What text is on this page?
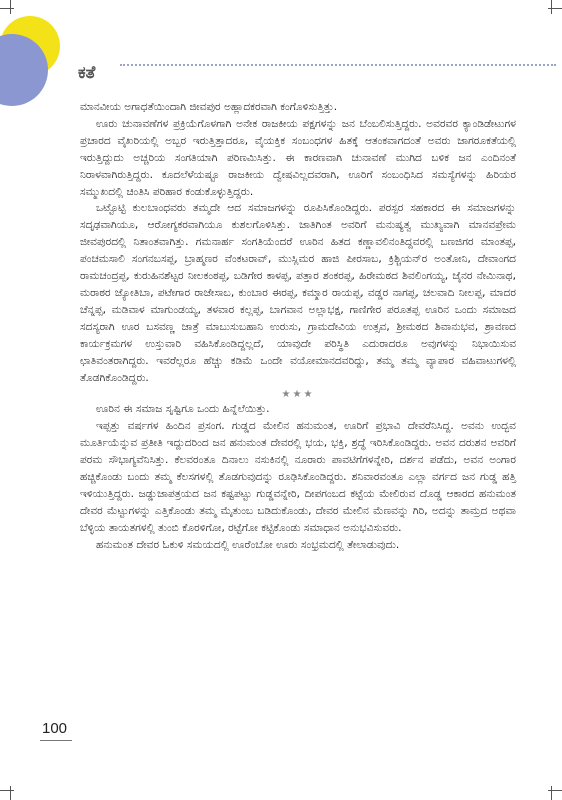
ಕತೆ

ಮಾನವೀಯ ಅಗಾಧತೆಯಿಂದಾಗಿ ಜೀವಪುರ ಅಹ್ಲಾದಕರವಾಗಿ ಕಂಗೊಳಿಸುತ್ತಿತ್ತು.

ಊರು ಚುನಾವಣೆಗಳ ಪ್ರಕ್ರಿಯೆಗೊಳಗಾಗಿ ಅನೇಕ ರಾಜಕೀಯ ಪಕ್ಷಗಳನ್ನು ಜನ ಬೆಂಬಲಿಸುತ್ತಿದ್ದರು. ಅವರವರ ಕ್ಯಾಂಡಿಡೇಟುಗಳ ಪ್ರಚಾರದ ವೈಖರಿಯಲ್ಲಿ ಅಬ್ಬರ ಇರುತ್ತಿತ್ತಾದರೂ, ವೈಯಕ್ತಿಕ ಸಂಬಂಧಗಳ ಹಿತಕ್ಕೆ ಆತಂಕವಾಗದಂತೆ ಅವರು ಜಾಗರೂಕತೆಯಲ್ಲಿ ಇರುತ್ತಿದ್ದುದು ಅಚ್ಚರಿಯ ಸಂಗತಿಯಾಗಿ ಪರಿಣಮಿಸಿತ್ತು. ಈ ಕಾರಣವಾಗಿ ಚುನಾವಣೆ ಮುಗಿದ ಬಳಿಕ ಜನ ಎಂದಿನಂತೆ ನಿರಾಳವಾಗಿರುತ್ತಿದ್ದರು. ಕೂದಲೆಳೆಯಷ್ಟೂ ರಾಜಕೀಯ ದ್ವೇಷವಿಲ್ಲದವರಾಗಿ, ಊರಿಗೆ ಸಂಬಂಧಿಸಿದ ಸಮಸ್ಯೆಗಳನ್ನು ಹಿರಿಯರ ಸಮ್ಮುಖದಲ್ಲಿ ಚಿಂತಿಸಿ ಪರಿಹಾರ ಕಂಡುಕೊಳ್ಳುತ್ತಿದ್ದರು.

ಒಟ್ಟೊಟ್ಟಿ ಕುಲಬಾಂಧವರು ತಮ್ಮದೇ ಆದ ಸಮಾಜಗಳನ್ನು ರೂಪಿಸಿಕೊಂಡಿದ್ದರು. ಪರಸ್ಪರ ಸಹಕಾರದ ಈ ಸಮಾಜಗಳನ್ನು ಸದೃಢವಾಗಿಯೂ, ಆರೋಗ್ಯಕರವಾಗಿಯೂ ಕುಶಲಗೊಳಿಸಿತ್ತು. ಜಾತಿಗಿಂತ ಅವರಿಗೆ ಮನುಷ್ಯತ್ವ ಮುಖ್ಯವಾಗಿ ಮಾನವಪ್ರೇಮ ಜೀವಪುರದಲ್ಲಿ ನಿತಾಂತವಾಗಿತ್ತು. ಗಮನಾರ್ಹ ಸಂಗತಿಯೆಂದರೆ ಊರಿನ ಹಿತದ ಕಣ್ಣಾವಲಿನಂತಿದ್ದವರಲ್ಲಿ ಬಣಜಿಗರ ಮಾಂತಪ್ಪ, ಪಂಚಮಸಾಲಿ ಸಂಗನಬಸಪ್ಪ, ಬ್ರಾಹ್ಮಣರ ವೆಂಕಟರಾವ್, ಮುಸ್ಲಿಮರ ಹಾಜಿ ಪೀರಸಾಬ, ಕ್ರಿಶ್ಚಿಯನ್‌ರ ಅಂತೋನಿ, ದೇವಾಂಗದ ರಾಮಚಂದ್ರಪ್ಪ, ಕುರುಹಿನಶೆಟ್ಟರ ನೀಲಕಂಠಪ್ಪ, ಬಡಿಗೇರ ಕಾಳಪ್ಪ, ಪತ್ತಾರ ಶಂಕರಪ್ಪ, ಹಿರೇಮಠದ ಶಿವಲಿಂಗಯ್ಯ, ಜೈನರ ನೇಮಿನಾಥ, ಮರಾಠರ ಜ್ಯೋತಿಬಾ, ಪಟೇಗಾರ ರಾಜೇಸಾಬ, ಕುಂಬಾರ ಈರಪ್ಪ, ಕಮ್ಮಾರ ರಾಯಪ್ಪ, ವಡ್ಡರ ನಾಗಪ್ಪ, ಚಲವಾದಿ ನೀಲಪ್ಪ, ಮಾದರ ಚೆನ್ನಪ್ಪ, ಮಡಿವಾಳ ಮಾಗುಂಡಯ್ಯ, ತಳವಾರ ಕಲ್ಲಪ್ಪ, ಬಾಗವಾನ ಅಲ್ಲಾಭಕ್ಷ, ಗಾಣಿಗೇರ ಪರೂತಪ್ಪ ಊರಿನ ಒಂದು ಸಮಾಜದ ಸದಸ್ಯರಾಗಿ ಊರ ಬಸವಣ್ಣ ಜಾತ್ರೆ ಮಾಬುಸುಬಹಾನಿ ಉರುಸು, ಗ್ರಾಮದೇವಿಯ ಉತ್ಸವ, ಶ್ರೀಮಠದ ಶಿವಾನುಭವ, ಶ್ರಾವಣದ ಕಾರ್ಯಕ್ರಮಗಳ ಉಸ್ತುವಾರಿ ವಹಿಸಿಕೊಂಡಿದ್ದಲ್ಲದೆ, ಯಾವುದೇ ಪರಿಸ್ಥಿತಿ ಎದುರಾದರೂ ಅವುಗಳನ್ನು ನಿಭಾಯಿಸುವ ಛಾತಿವಂತರಾಗಿದ್ದರು. ಇವರೆಲ್ಲರೂ ಹೆಚ್ಚು ಕಡಿಮೆ ಒಂದೇ ವಯೋಮಾನದವರಿದ್ದು, ತಮ್ಮ ತಮ್ಮ ವ್ಯಾಪಾರ ವಹಿವಾಟುಗಳಲ್ಲಿ ತೊಡಗಿಕೊಂಡಿದ್ದರು.

★★★

ಊರಿನ ಈ ಸಮಾಜ ಸೃಷ್ಟಿಗೂ ಒಂದು ಹಿನ್ನೆಲೆಯಿತ್ತು.

ಇಪ್ಪತ್ತು ವರ್ಷಗಳ ಹಿಂದಿನ ಪ್ರಸಂಗ. ಗುಡ್ಡದ ಮೇಲಿನ ಹನುಮಂತ, ಊರಿಗೆ ಪ್ರಭಾವಿ ದೇವರೆನಿಸಿದ್ದ. ಅವನು ಉದ್ಭವ ಮೂರ್ತಿಯೆನ್ನುವ ಪ್ರತೀತಿ ಇದ್ದುದರಿಂದ ಜನ ಹನುಮಂತ ದೇವರಲ್ಲಿ ಭಯ, ಭಕ್ತಿ, ಶ್ರದ್ಧೆ ಇರಿಸಿಕೊಂಡಿದ್ದರು. ಅವನ ದರುಶನ ಅವರಿಗೆ ಪರಮ ಸೌಭಾಗ್ಯವೆನಿಸಿತ್ತು. ಕೆಲವರಂತೂ ದಿನಾಲು ನಸುಕಿನಲ್ಲಿ ನೂರಾರು ಪಾವಟಿಗೆಗಳನ್ನೇರಿ, ದರ್ಶನ ಪಡೆದು, ಅವನ ಅಂಗಾರ ಹಚ್ಚಿಕೊಂಡು ಬಂದು ತಮ್ಮ ಕೆಲಸಗಳಲ್ಲಿ ತೊಡಗುವುದನ್ನು ರೂಢಿಸಿಕೊಂಡಿದ್ದರು. ಶನಿವಾರವಂತೂ ಎಲ್ಲಾ ವರ್ಗದ ಜನ ಗುಡ್ಡ ಹತ್ತಿ ಇಳಿಯುತ್ತಿದ್ದರು. ಜಡ್ಡುಜಾಪತ್ರಯದ ಜನ ಕಷ್ಟಪಟ್ಟು ಗುಡ್ಡವನ್ನೇರಿ, ದೀಪಗಂಬದ ಕಟ್ಟೆಯ ಮೇಲಿರುವ ದೊಡ್ಡ ಆಕಾರದ ಹನುಮಂತ ದೇವರ ಮೆಟ್ಟುಗಳನ್ನು ಎತ್ತಿಕೊಂಡು ತಮ್ಮ ಮೈತುಂಬ ಬಡಿದುಕೊಂಡು, ದೇವರ ಮೇಲಿನ ಮೆಣವನ್ನು ಗಿರಿ, ಅದನ್ನು ತಾಮ್ರದ ಅಥವಾ ಬೆಳ್ಳಿಯ ತಾಯತಗಳಲ್ಲಿ ತುಂಬಿ ಕೊರಳಿಗೋ, ರಟ್ಟೆಗೋ ಕಟ್ಟಿಕೊಂಡು ಸಮಾಧಾನ ಅನುಭವಿಸುವರು.

ಹನುಮಂತ ದೇವರ ಓಕುಳಿ ಸಮಯದಲ್ಲಿ ಊರೆಂಬೋ ಊರು ಸಂಭ್ರಮದಲ್ಲಿ ತೇಲಾಡುವುದು.

100
